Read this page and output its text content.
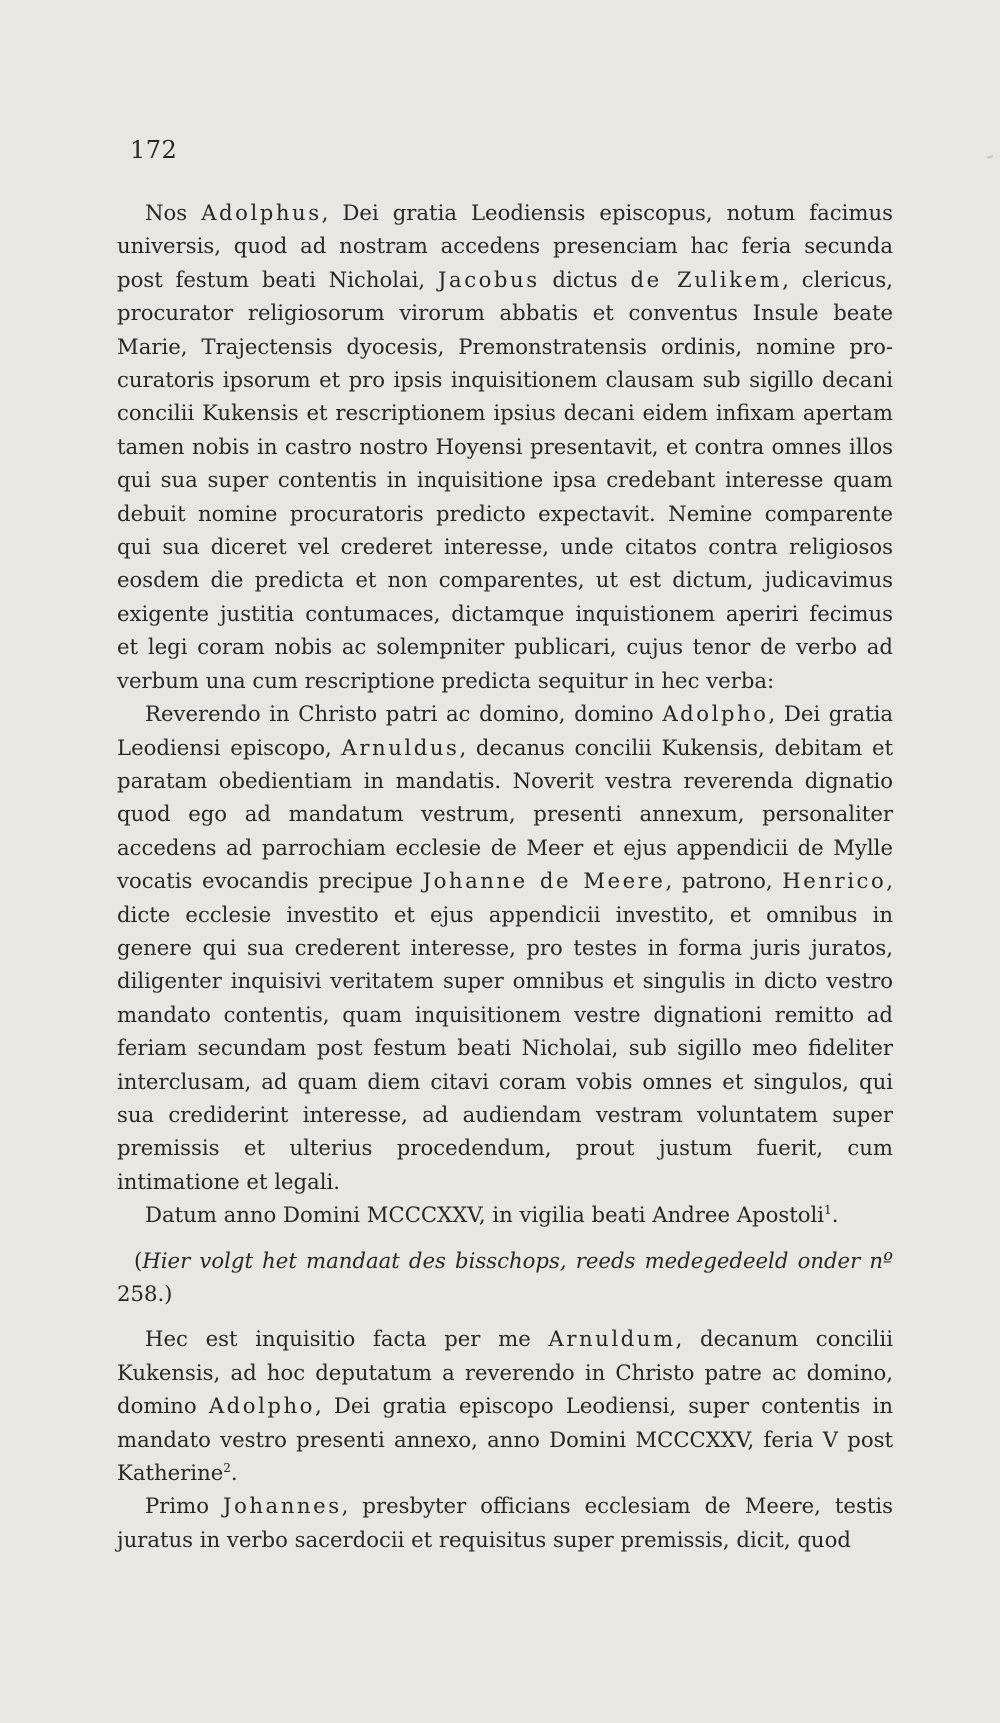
172

Nos Adolphus, Dei gratia Leodiensis episcopus, notum facimus universis, quod ad nostram accedens presenciam hac feria secunda post festum beati Nicholai, Jacobus dictus de Zulikem, clericus, procurator religiosorum virorum abbatis et conventus Insule beate Marie, Trajectensis dyocesis, Premonstratensis ordinis, nomine procuratoris ipsorum et pro ipsis inquisitionem clausam sub sigillo decani concilii Kukensis et rescriptionem ipsius decani eidem infixam apertam tamen nobis in castro nostro Hoyensi presentavit, et contra omnes illos qui sua super contentis in inquisitione ipsa credebant interesse quam debuit nomine procuratoris predicto expectavit. Nemine comparente qui sua diceret vel crederet interesse, unde citatos contra religiosos eosdem die predicta et non comparentes, ut est dictum, judicavimus exigente justitia contumaces, dictamque inquistionem aperiri fecimus et legi coram nobis ac solempniter publicari, cujus tenor de verbo ad verbum una cum rescriptione predicta sequitur in hec verba:

Reverendo in Christo patri ac domino, domino Adolpho, Dei gratia Leodiensi episcopo, Arnuldus, decanus concilii Kukensis, debitam et paratam obedientiam in mandatis. Noverit vestra reverenda dignatio quod ego ad mandatum vestrum, presenti annexum, personaliter accedens ad parrochiam ecclesie de Meer et ejus appendicii de Mylle vocatis evocandis precipue Johanne de Meere, patrono, Henrico, dicte ecclesie investito et ejus appendicii investito, et omnibus in genere qui sua crederent interesse, pro testes in forma juris juratos, diligenter inquisivi veritatem super omnibus et singulis in dicto vestro mandato contentis, quam inquisitionem vestre dignationi remitto ad feriam secundam post festum beati Nicholai, sub sigillo meo fideliter interclusam, ad quam diem citavi coram vobis omnes et singulos, qui sua crediderint interesse, ad audiendam vestram voluntatem super premissis et ulterius procedendum, prout justum fuerit, cum intimatione et legali.

Datum anno Domini MCCCXXV, in vigilia beati Andree Apostoli$^1$.

(Hier volgt het mandaat des bisschops, reeds medegedeeld onder nº 258.)

Hec est inquisitio facta per me Arnuldum, decanum concilii Kukensis, ad hoc deputatum a reverendo in Christo patre ac domino, domino Adolpho, Dei gratia episcopo Leodiensi, super contentis in mandato vestro presenti annexo, anno Domini MCCCXXV, feria V post Katherine$^2$.

Primo Johannes, presbyter officians ecclesiam de Meere, testis juratus in verbo sacerdocii et requisitus super premissis, dicit, quod
